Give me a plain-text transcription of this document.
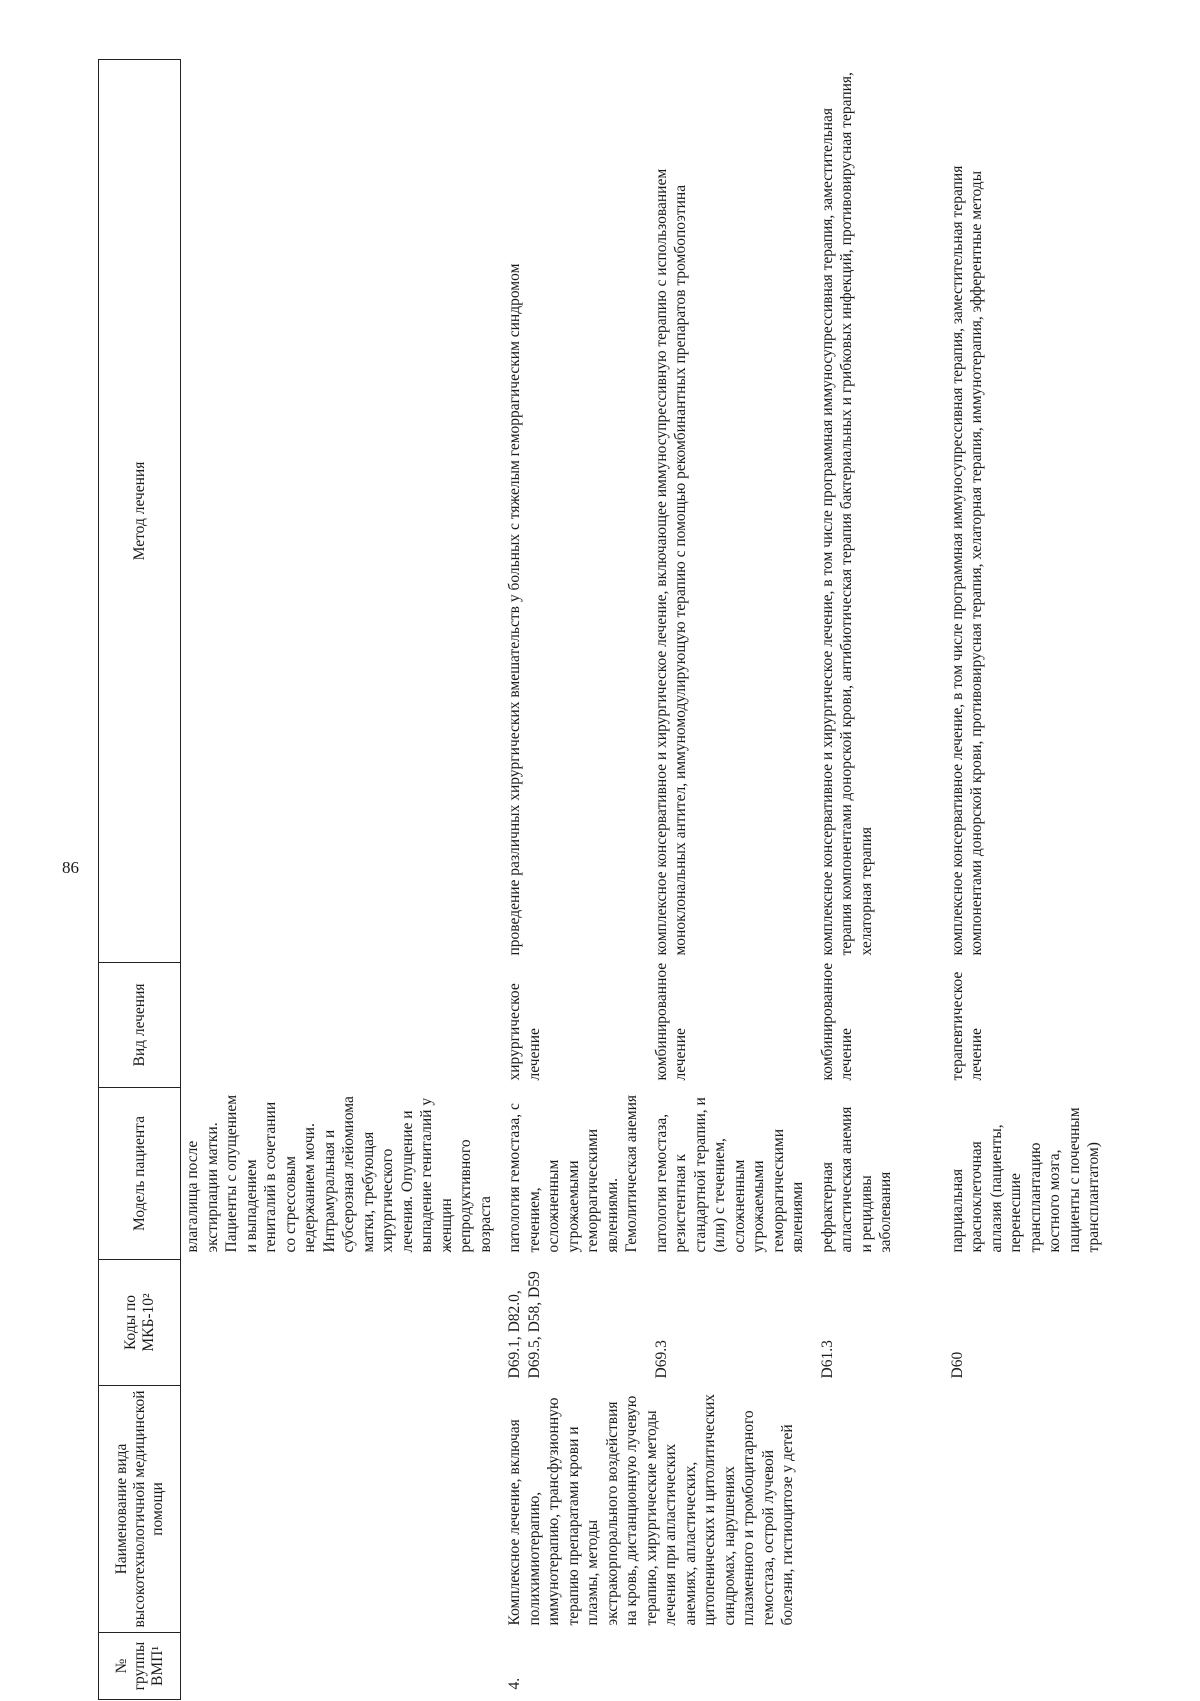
86
№ группы ВМП¹	Наименование вида высокотехнологичной медицинской помощи	Коды по МКБ-10²	Модель пациента	Вид лечения	Метод лечения
			влагалища после экстирпации матки. Пациенты с опущением и выпадением гениталий в сочетании со стрессовым недержанием мочи. Интрамуральная и субсерозная лейомиома матки, требующая хирургического лечения. Опущение и выпадение гениталий у женщин репродуктивного возраста		
4.	Комплексное лечение, включая полихимиотерапию, иммунотерапию, трансфузионную терапию препаратами крови и плазмы, методы экстракорпорального воздействия на кровь, дистанционную лучевую терапию, хирургические методы лечения при апластических анемиях, апластических, цитопенических и цитолитических синдромах, нарушениях плазменного и тромбоцитарного гемостаза, острой лучевой болезни, гистиоцитозе у детей	D69.1, D82.0, D69.5, D58, D59	патология гемостаза, с течением, осложненным угрожаемыми геморрагическими явлениями. Гемолитическая анемия	хирургическое лечение	проведение различных хирургических вмешательств у больных с тяжелым геморрагическим синдромом
		D69.3	патология гемостаза, резистентная к стандартной терапии, и (или) с течением, осложненным угрожаемыми геморрагическими явлениями	комбинированное лечение	комплексное консервативное и хирургическое лечение, включающее иммуносупрессивную терапию с использованием моноклональных антител, иммуномодулирующую терапию с помощью рекомбинантных препаратов тромбопоэтина
		D61.3	рефрактерная апластическая анемия и рецидивы заболевания	комбинированное лечение	комплексное консервативное и хирургическое лечение, в том числе программная иммуносупрессивная терапия, заместительная терапия компонентами донорской крови, антибиотическая терапия бактериальных и грибковых инфекций, противовирусная терапия, хелаторная терапия
		D60	парциальная красноклеточная аплазия (пациенты, перенесшие трансплантацию костного мозга, пациенты с почечным трансплантатом)	терапевтическое лечение	комплексное консервативное лечение, в том числе программная иммуносупрессивная терапия, заместительная терапия компонентами донорской крови, противовирусная терапия, хелаторная терапия, иммунотерапия, эфферентные методы
